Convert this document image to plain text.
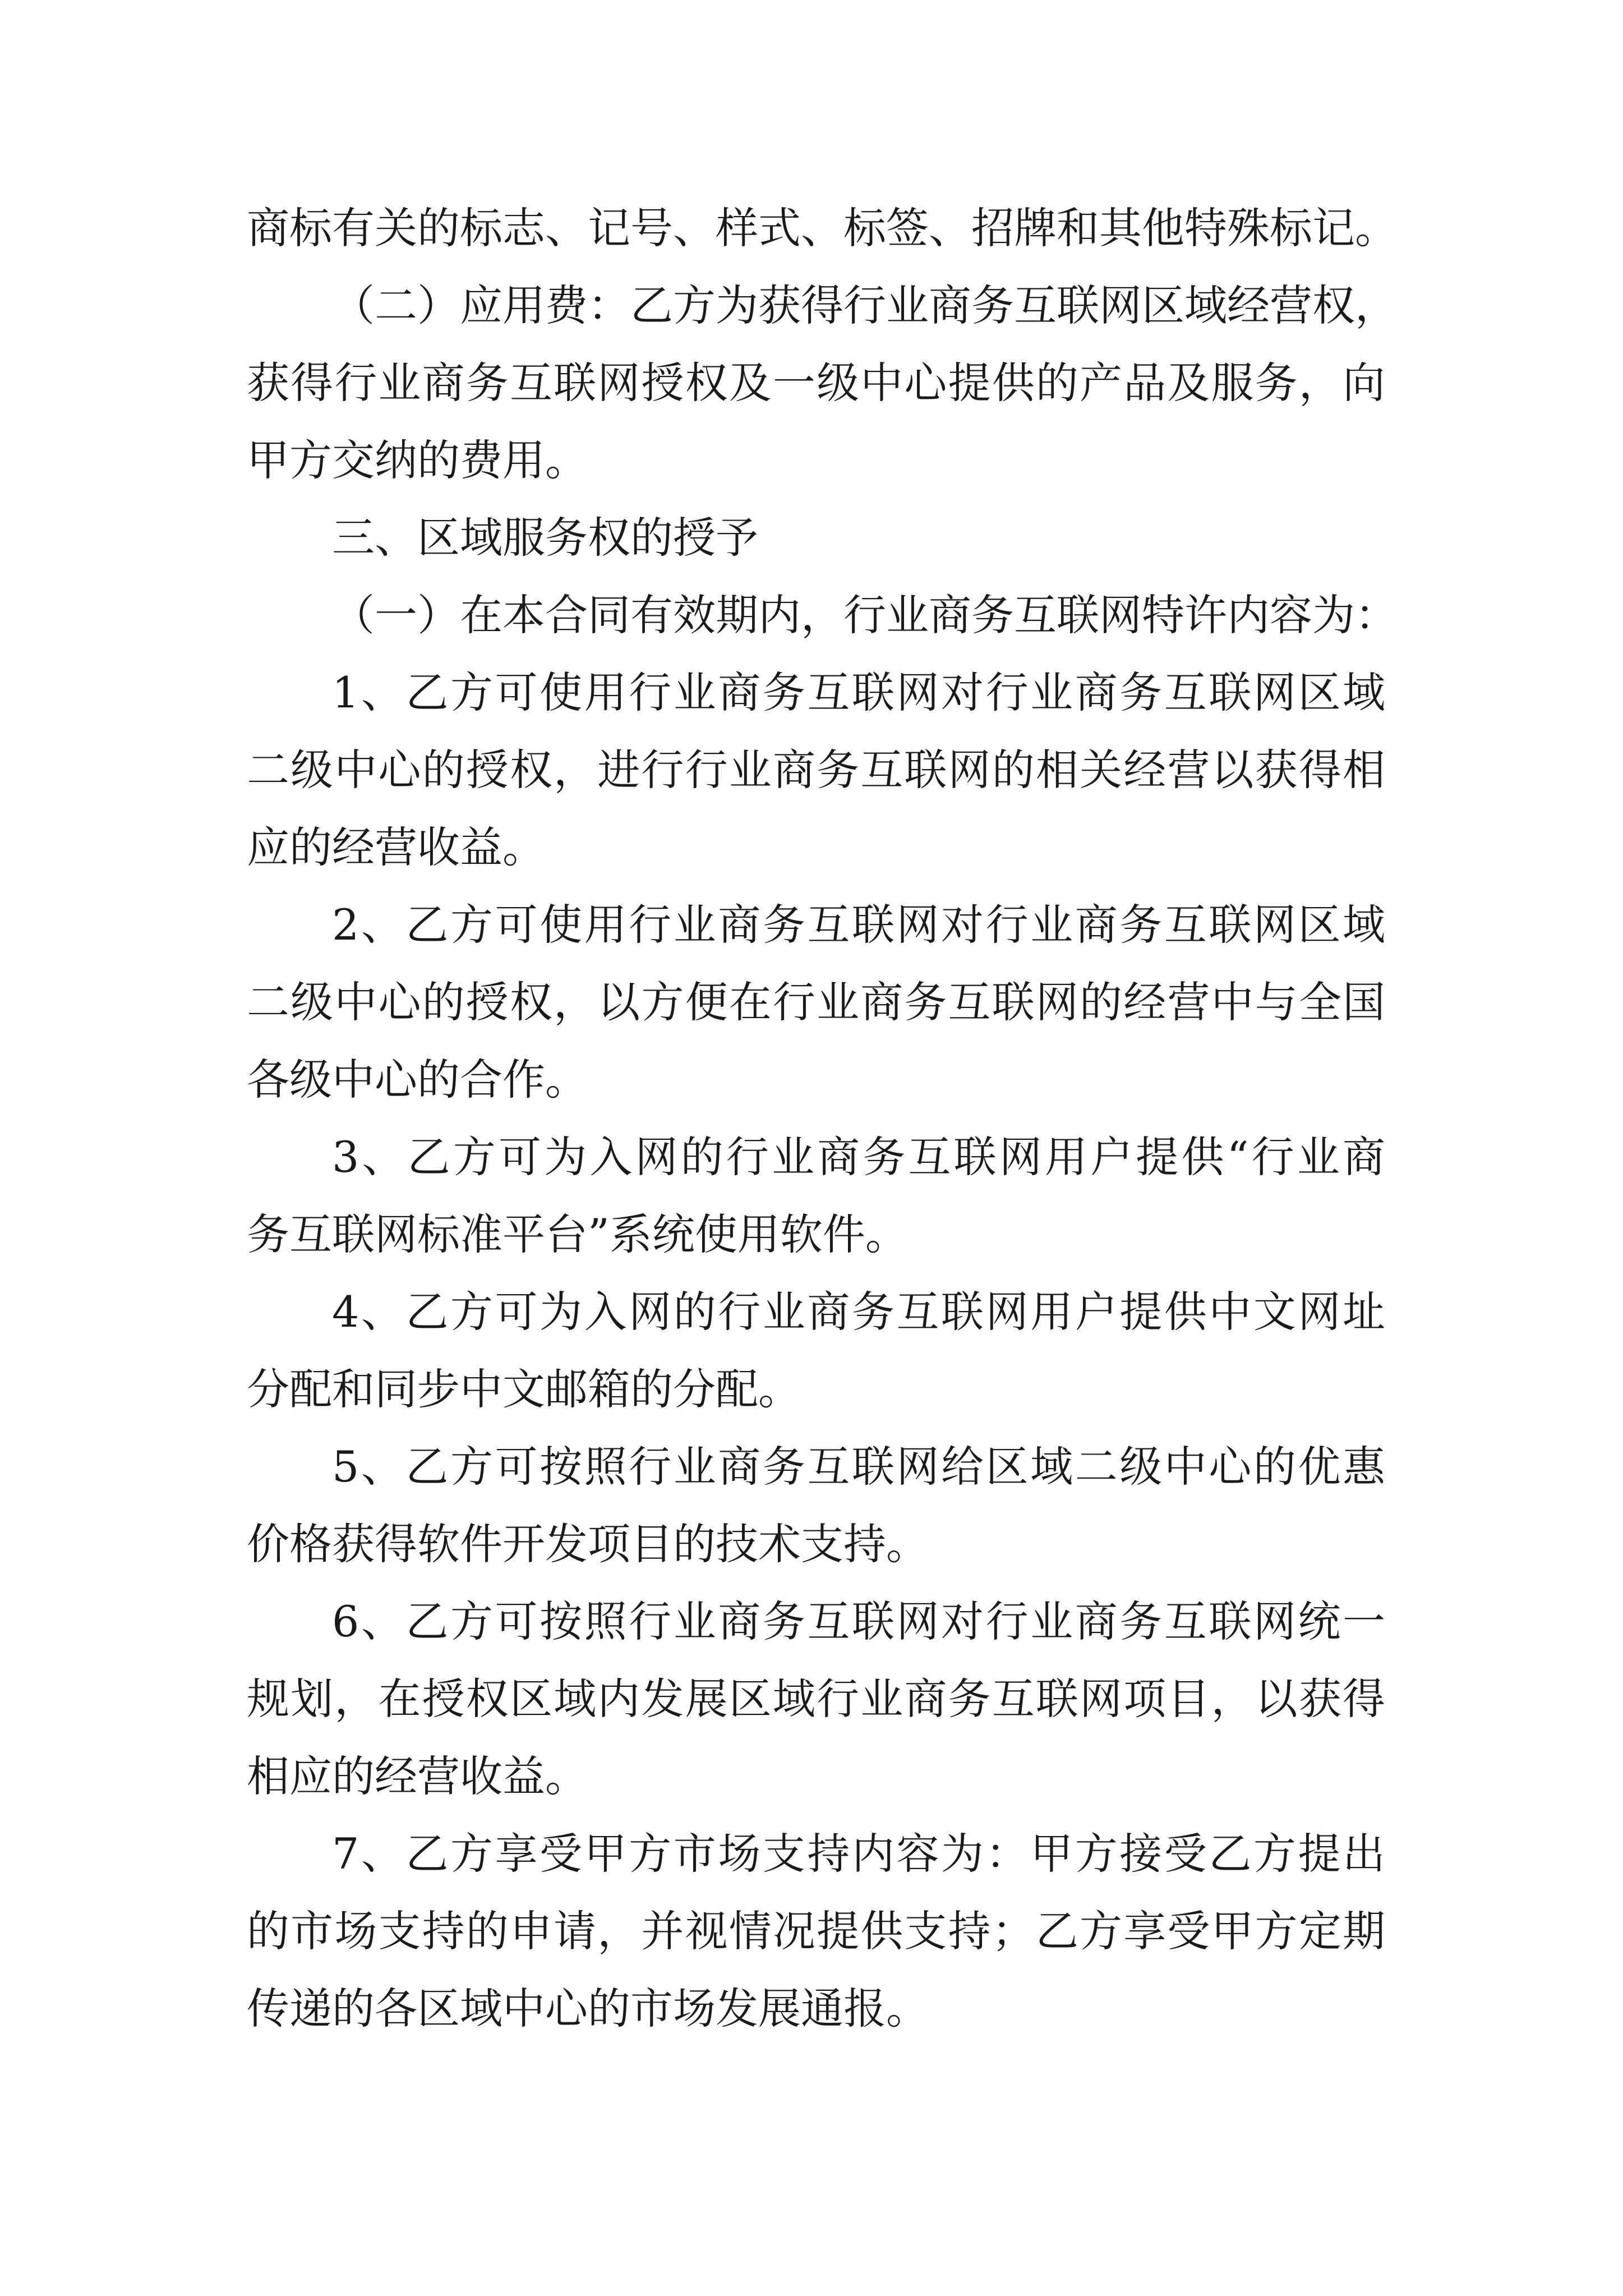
商标有关的标志、记号、样式、标签、招牌和其他特殊标记。
（二）应用费：乙方为获得行业商务互联网区域经营权，
获得行业商务互联网授权及一级中心提供的产品及服务，向
甲方交纳的费用。
三、区域服务权的授予
（一）在本合同有效期内，行业商务互联网特许内容为：
1、乙方可使用行业商务互联网对行业商务互联网区域
二级中心的授权，进行行业商务互联网的相关经营以获得相
应的经营收益。
2、乙方可使用行业商务互联网对行业商务互联网区域
二级中心的授权，以方便在行业商务互联网的经营中与全国
各级中心的合作。
3、乙方可为入网的行业商务互联网用户提供“行业商
务互联网标准平台”系统使用软件。
4、乙方可为入网的行业商务互联网用户提供中文网址
分配和同步中文邮箱的分配。
5、乙方可按照行业商务互联网给区域二级中心的优惠
价格获得软件开发项目的技术支持。
6、乙方可按照行业商务互联网对行业商务互联网统一
规划，在授权区域内发展区域行业商务互联网项目，以获得
相应的经营收益。
7、乙方享受甲方市场支持内容为：甲方接受乙方提出
的市场支持的申请，并视情况提供支持；乙方享受甲方定期
传递的各区域中心的市场发展通报。
